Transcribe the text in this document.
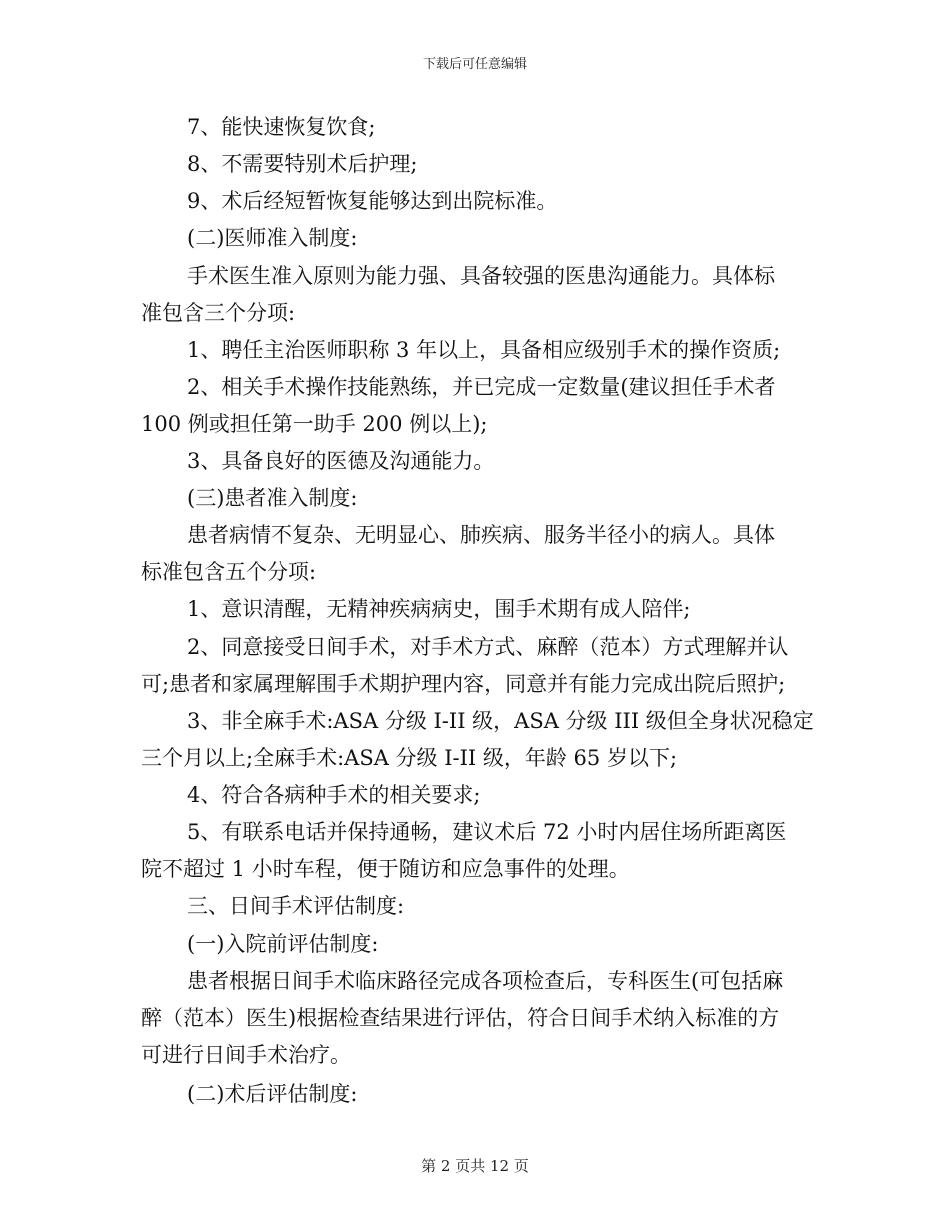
下载后可任意编辑
7、能快速恢复饮食;
8、不需要特别术后护理;
9、术后经短暂恢复能够达到出院标准。
(二)医师准入制度:
手术医生准入原则为能力强、具备较强的医患沟通能力。具体标
准包含三个分项:
1、聘任主治医师职称 3 年以上，具备相应级别手术的操作资质;
2、相关手术操作技能熟练，并已完成一定数量(建议担任手术者
100 例或担任第一助手 200 例以上);
3、具备良好的医德及沟通能力。
(三)患者准入制度:
患者病情不复杂、无明显心、肺疾病、服务半径小的病人。具体
标准包含五个分项:
1、意识清醒，无精神疾病病史，围手术期有成人陪伴;
2、同意接受日间手术，对手术方式、麻醉（范本）方式理解并认
可;患者和家属理解围手术期护理内容，同意并有能力完成出院后照护;
3、非全麻手术:ASA 分级 I-II 级，ASA 分级 III 级但全身状况稳定
三个月以上;全麻手术:ASA 分级 I-II 级，年龄 65 岁以下;
4、符合各病种手术的相关要求;
5、有联系电话并保持通畅，建议术后 72 小时内居住场所距离医
院不超过 1 小时车程，便于随访和应急事件的处理。
三、日间手术评估制度:
(一)入院前评估制度:
患者根据日间手术临床路径完成各项检查后，专科医生(可包括麻
醉（范本）医生)根据检查结果进行评估，符合日间手术纳入标准的方
可进行日间手术治疗。
(二)术后评估制度:
第 2 页共 12 页
